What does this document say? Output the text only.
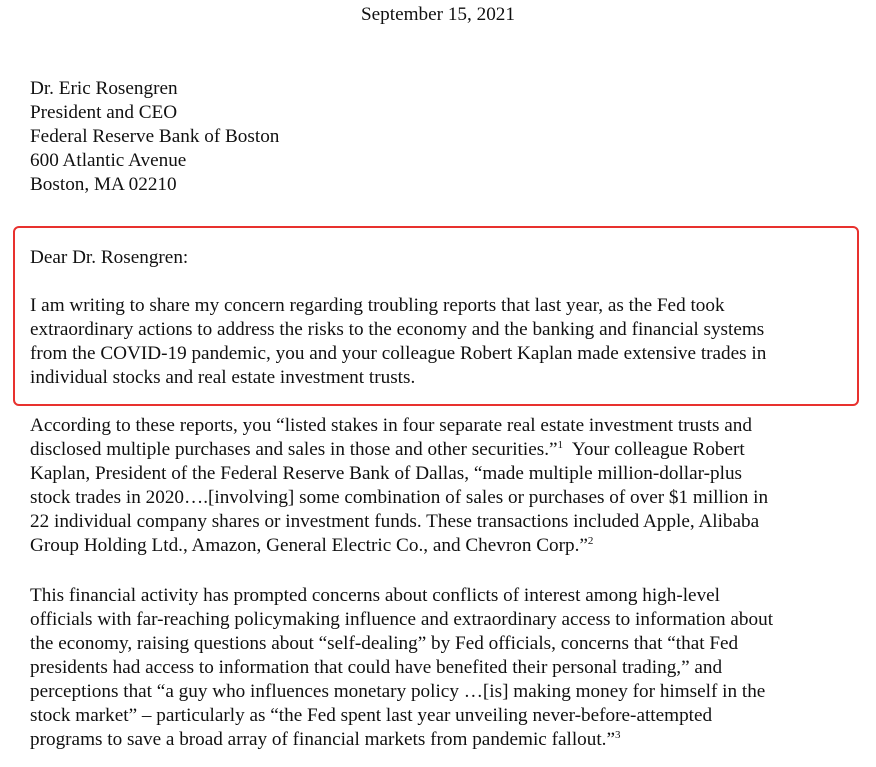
September 15, 2021
Dr. Eric Rosengren
President and CEO
Federal Reserve Bank of Boston
600 Atlantic Avenue
Boston, MA 02210
Dear Dr. Rosengren:
I am writing to share my concern regarding troubling reports that last year, as the Fed took
extraordinary actions to address the risks to the economy and the banking and financial systems
from the COVID-19 pandemic, you and your colleague Robert Kaplan made extensive trades in
individual stocks and real estate investment trusts.
According to these reports, you “listed stakes in four separate real estate investment trusts and
disclosed multiple purchases and sales in those and other securities.”$^1$  Your colleague Robert
Kaplan, President of the Federal Reserve Bank of Dallas, “made multiple million-dollar-plus
stock trades in 2020….[involving] some combination of sales or purchases of over $1 million in
22 individual company shares or investment funds. These transactions included Apple, Alibaba
Group Holding Ltd., Amazon, General Electric Co., and Chevron Corp.”$^2$
This financial activity has prompted concerns about conflicts of interest among high-level
officials with far-reaching policymaking influence and extraordinary access to information about
the economy, raising questions about “self-dealing” by Fed officials, concerns that “that Fed
presidents had access to information that could have benefited their personal trading,” and
perceptions that “a guy who influences monetary policy …[is] making money for himself in the
stock market” – particularly as “the Fed spent last year unveiling never-before-attempted
programs to save a broad array of financial markets from pandemic fallout.”$^3$
